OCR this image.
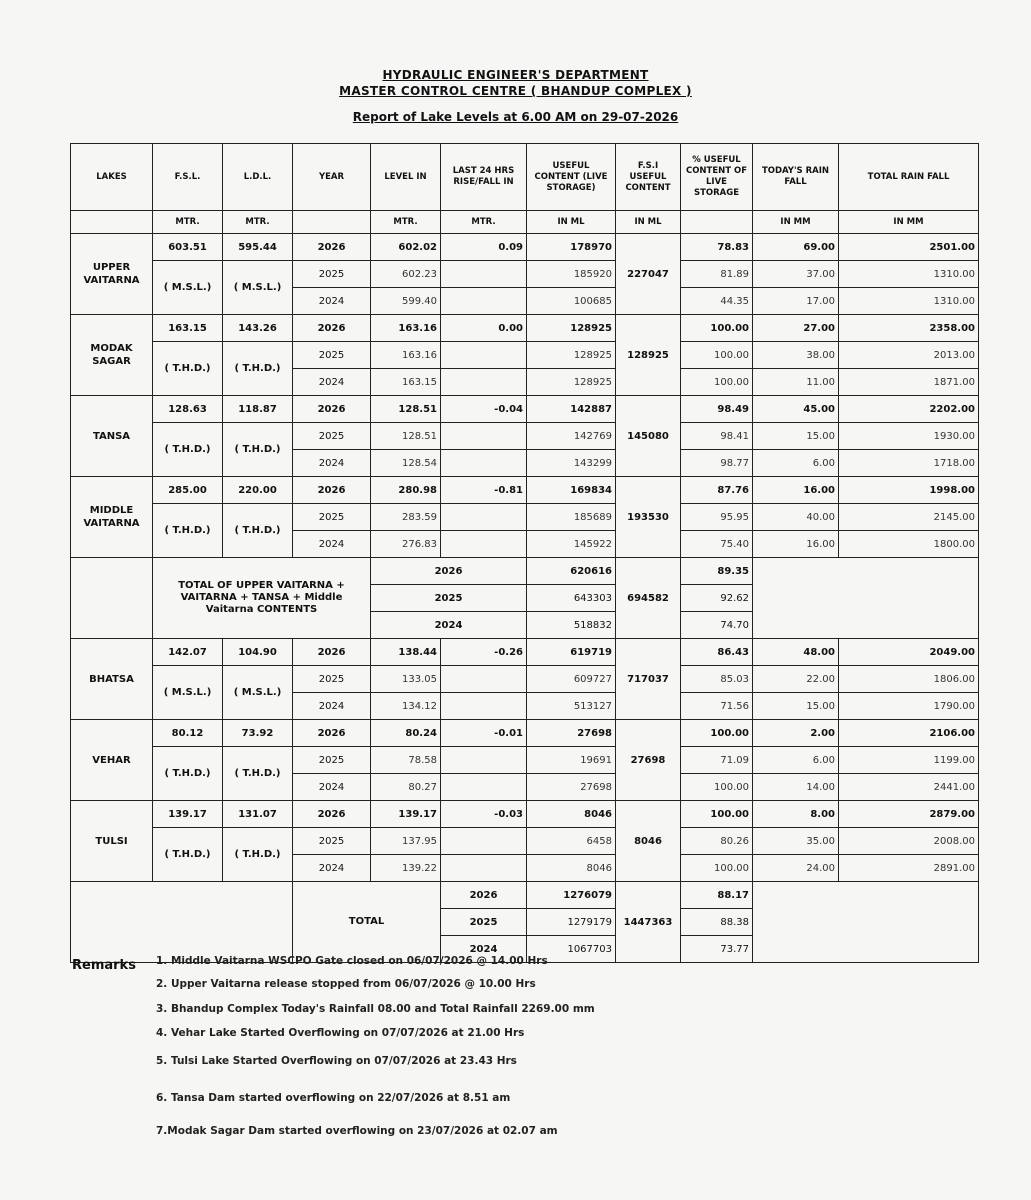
HYDRAULIC ENGINEER'S DEPARTMENT
MASTER CONTROL CENTRE ( BHANDUP COMPLEX )
Report of Lake Levels at 6.00 AM on 29-07-2026
LAKES	F.S.L.	L.D.L.	YEAR	LEVEL IN	LAST 24 HRS RISE/FALL IN	USEFUL CONTENT (LIVE STORAGE)	F.S.I USEFUL CONTENT	% USEFUL CONTENT OF LIVE STORAGE	TODAY'S RAIN FALL	TOTAL RAIN FALL
	MTR.	MTR.		MTR.	MTR.	IN ML	IN ML		IN MM	IN MM

UPPER
VAITARNA	603.51	595.44	2026	602.02	0.09	178970	227047	78.83	69.00	2501.00
	( M.S.L.)	( M.S.L.)	2025	602.23		185920		81.89	37.00	1310.00
			2024	599.40		100685		44.35	17.00	1310.00

MODAK
SAGAR	163.15	143.26	2026	163.16	0.00	128925	128925	100.00	27.00	2358.00
	( T.H.D.)	( T.H.D.)	2025	163.16		128925		100.00	38.00	2013.00
			2024	163.15		128925		100.00	11.00	1871.00

TANSA	128.63	118.87	2026	128.51	-0.04	142887	145080	98.49	45.00	2202.00
	( T.H.D.)	( T.H.D.)	2025	128.51		142769		98.41	15.00	1930.00
			2024	128.54		143299		98.77	6.00	1718.00

MIDDLE
VAITARNA	285.00	220.00	2026	280.98	-0.81	169834	193530	87.76	16.00	1998.00
	( T.H.D.)	( T.H.D.)	2025	283.59		185689		95.95	40.00	2145.00
			2024	276.83		145922		75.40	16.00	1800.00
	TOTAL OF UPPER VAITARNA + VAITARNA + TANSA + Middle Vaitarna CONTENTS			2026		620616	694582	89.35		
				2025		643303		92.62		
				2024		518832		74.70		

BHATSA	142.07	104.90	2026	138.44	-0.26	619719	717037	86.43	48.00	2049.00
	( M.S.L.)	( M.S.L.)	2025	133.05		609727		85.03	22.00	1806.00
			2024	134.12		513127		71.56	15.00	1790.00

VEHAR	80.12	73.92	2026	80.24	-0.01	27698	27698	100.00	2.00	2106.00
	( T.H.D.)	( T.H.D.)	2025	78.58		19691		71.09	6.00	1199.00
			2024	80.27		27698		100.00	14.00	2441.00

TULSI	139.17	131.07	2026	139.17	-0.03	8046	8046	100.00	8.00	2879.00
	( T.H.D.)	( T.H.D.)	2025	137.95		6458		80.26	35.00	2008.00
			2024	139.22		8046		100.00	24.00	2891.00
			TOTAL		2026	1276079	1447363	88.17		
					2025	1279179		88.38		
					2024	1067703		73.77		
Remarks 1. Middle Vaitarna WSCPO Gate closed on 06/07/2026 @ 14.00 Hrs
2. Upper Vaitarna release stopped from 06/07/2026 @ 10.00 Hrs
3. Bhandup Complex Today's Rainfall 08.00 and Total Rainfall 2269.00 mm
4. Vehar Lake Started Overflowing on 07/07/2026 at 21.00 Hrs
5. Tulsi Lake Started Overflowing on 07/07/2026 at 23.43 Hrs
6. Tansa Dam started overflowing on 22/07/2026 at 8.51 am
7.Modak Sagar Dam started overflowing on 23/07/2026 at 02.07 am
